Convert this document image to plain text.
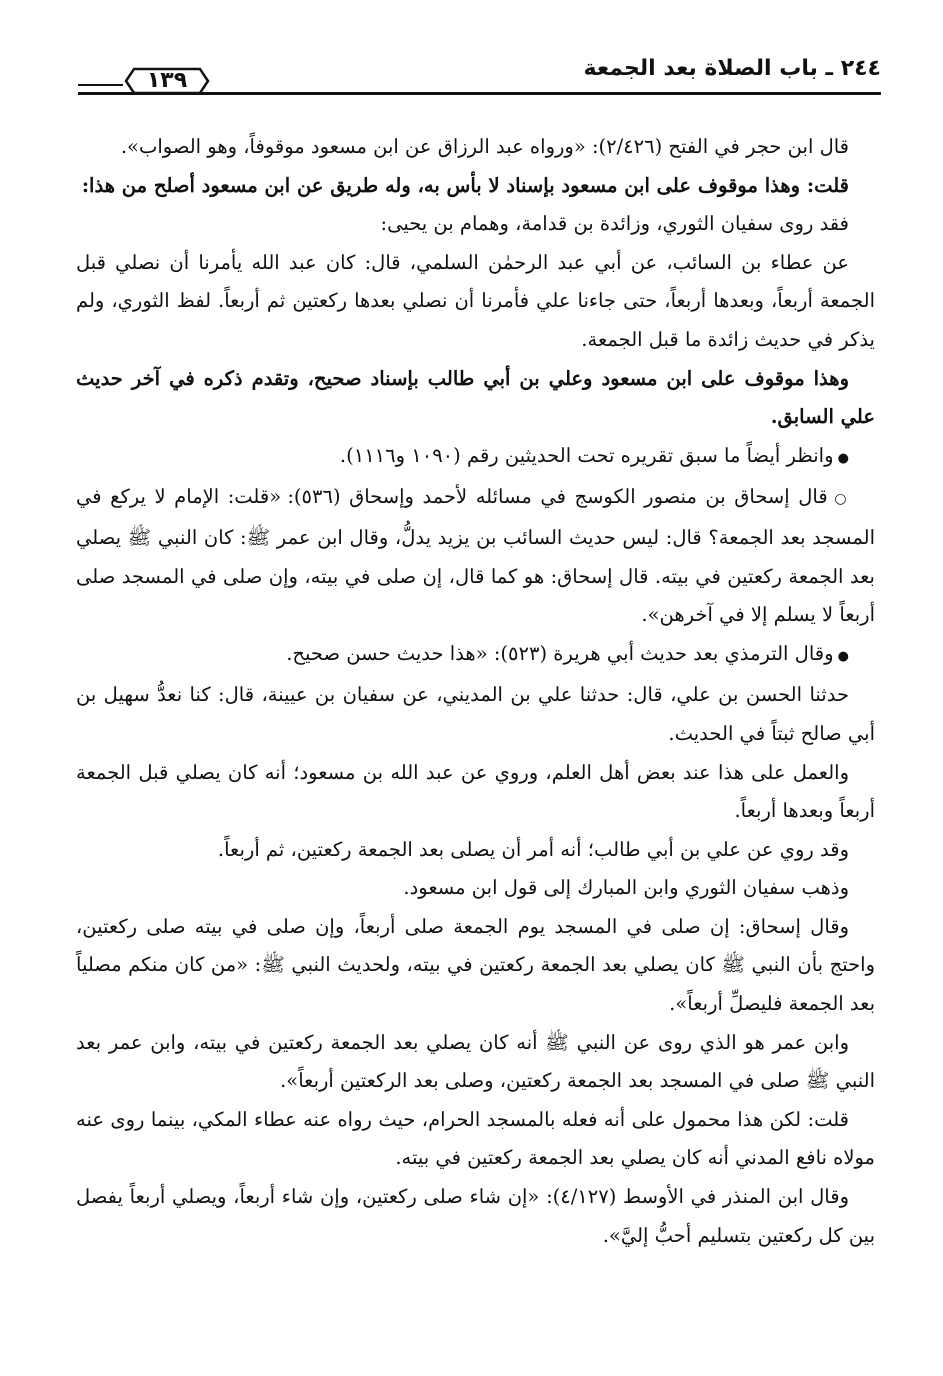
٢٤٤ ـ باب الصلاة بعد الجمعة
١٣٩

قال ابن حجر في الفتح (٢/٤٢٦): «ورواه عبد الرزاق عن ابن مسعود موقوفاً، وهو الصواب».

قلت: وهذا موقوف على ابن مسعود بإسناد لا بأس به، وله طريق عن ابن مسعود أصلح من هذا:

فقد روى سفيان الثوري، وزائدة بن قدامة، وهمام بن يحيى:

عن عطاء بن السائب، عن أبي عبد الرحمٰن السلمي، قال: كان عبد الله يأمرنا أن نصلي قبل الجمعة أربعاً، وبعدها أربعاً، حتى جاءنا علي فأمرنا أن نصلي بعدها ركعتين ثم أربعاً. لفظ الثوري، ولم يذكر في حديث زائدة ما قبل الجمعة.

وهذا موقوف على ابن مسعود وعلي بن أبي طالب بإسناد صحيح، وتقدم ذكره في آخر حديث علي السابق.

● وانظر أيضاً ما سبق تقريره تحت الحديثين رقم (١٠٩٠ و١١١٦).

○ قال إسحاق بن منصور الكوسج في مسائله لأحمد وإسحاق (٥٣٦): «قلت: الإمام لا يركع في المسجد بعد الجمعة؟ قال: ليس حديث السائب بن يزيد يدلُّ، وقال ابن عمر ﷺ: كان النبي ﷺ يصلي بعد الجمعة ركعتين في بيته. قال إسحاق: هو كما قال، إن صلى في بيته، وإن صلى في المسجد صلى أربعاً لا يسلم إلا في آخرهن».

● وقال الترمذي بعد حديث أبي هريرة (٥٢٣): «هذا حديث حسن صحيح.

حدثنا الحسن بن علي، قال: حدثنا علي بن المديني، عن سفيان بن عيينة، قال: كنا نعدُّ سهيل بن أبي صالح ثبتاً في الحديث.

والعمل على هذا عند بعض أهل العلم، وروي عن عبد الله بن مسعود؛ أنه كان يصلي قبل الجمعة أربعاً وبعدها أربعاً.

وقد روي عن علي بن أبي طالب؛ أنه أمر أن يصلى بعد الجمعة ركعتين، ثم أربعاً.

وذهب سفيان الثوري وابن المبارك إلى قول ابن مسعود.

وقال إسحاق: إن صلى في المسجد يوم الجمعة صلى أربعاً، وإن صلى في بيته صلى ركعتين، واحتج بأن النبي ﷺ كان يصلي بعد الجمعة ركعتين في بيته، ولحديث النبي ﷺ: «من كان منكم مصلياً بعد الجمعة فليصلِّ أربعاً».

وابن عمر هو الذي روى عن النبي ﷺ أنه كان يصلي بعد الجمعة ركعتين في بيته، وابن عمر بعد النبي ﷺ صلى في المسجد بعد الجمعة ركعتين، وصلى بعد الركعتين أربعاً».

قلت: لكن هذا محمول على أنه فعله بالمسجد الحرام، حيث رواه عنه عطاء المكي، بينما روى عنه مولاه نافع المدني أنه كان يصلي بعد الجمعة ركعتين في بيته.

وقال ابن المنذر في الأوسط (٤/١٢٧): «إن شاء صلى ركعتين، وإن شاء أربعاً، ويصلي أربعاً يفصل بين كل ركعتين بتسليم أحبُّ إليَّ».
